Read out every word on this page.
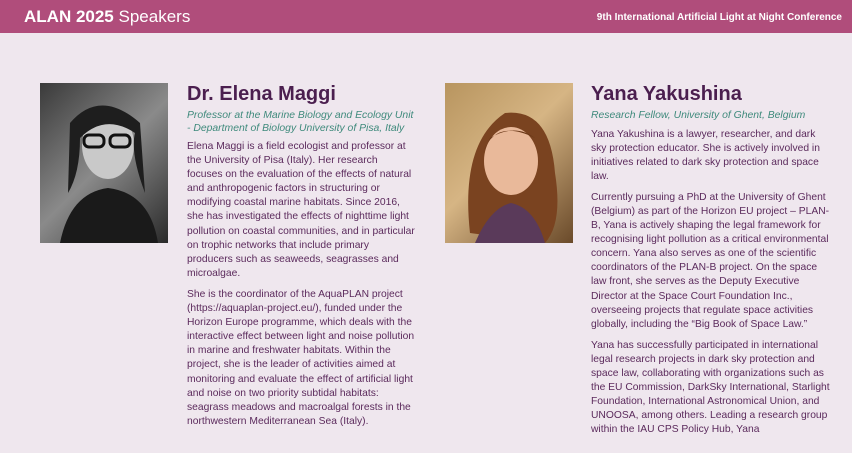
ALAN 2025 Speakers	9th International Artificial Light at Night Conference
Dr. Elena Maggi
Professor at the Marine Biology and Ecology Unit - Department of Biology University of Pisa, Italy

Elena Maggi is a field ecologist and professor at the University of Pisa (Italy). Her research focuses on the evaluation of the effects of natural and anthropogenic factors in structuring or modifying coastal marine habitats. Since 2016, she has investigated the effects of nighttime light pollution on coastal communities, and in particular on trophic networks that include primary producers such as seaweeds, seagrasses and microalgae.

She is the coordinator of the AquaPLAN project (https://aquaplan-project.eu/), funded under the Horizon Europe programme, which deals with the interactive effect between light and noise pollution in marine and freshwater habitats. Within the project, she is the leader of activities aimed at monitoring and evaluate the effect of artificial light and noise on two priority subtidal habitats: seagrass meadows and macroalgal forests in the northwestern Mediterranean Sea (Italy).

Yana Yakushina
Research Fellow, University of Ghent, Belgium

Yana Yakushina is a lawyer, researcher, and dark sky protection educator. She is actively involved in initiatives related to dark sky protection and space law.

Currently pursuing a PhD at the University of Ghent (Belgium) as part of the Horizon EU project – PLAN-B, Yana is actively shaping the legal framework for recognising light pollution as a critical environmental concern. Yana also serves as one of the scientific coordinators of the PLAN-B project. On the space law front, she serves as the Deputy Executive Director at the Space Court Foundation Inc., overseeing projects that regulate space activities globally, including the “Big Book of Space Law.”

Yana has successfully participated in international legal research projects in dark sky protection and space law, collaborating with organizations such as the EU Commission, DarkSky International, Starlight Foundation, International Astronomical Union, and UNOOSA, among others. Leading a research group within the IAU CPS Policy Hub, Yana
